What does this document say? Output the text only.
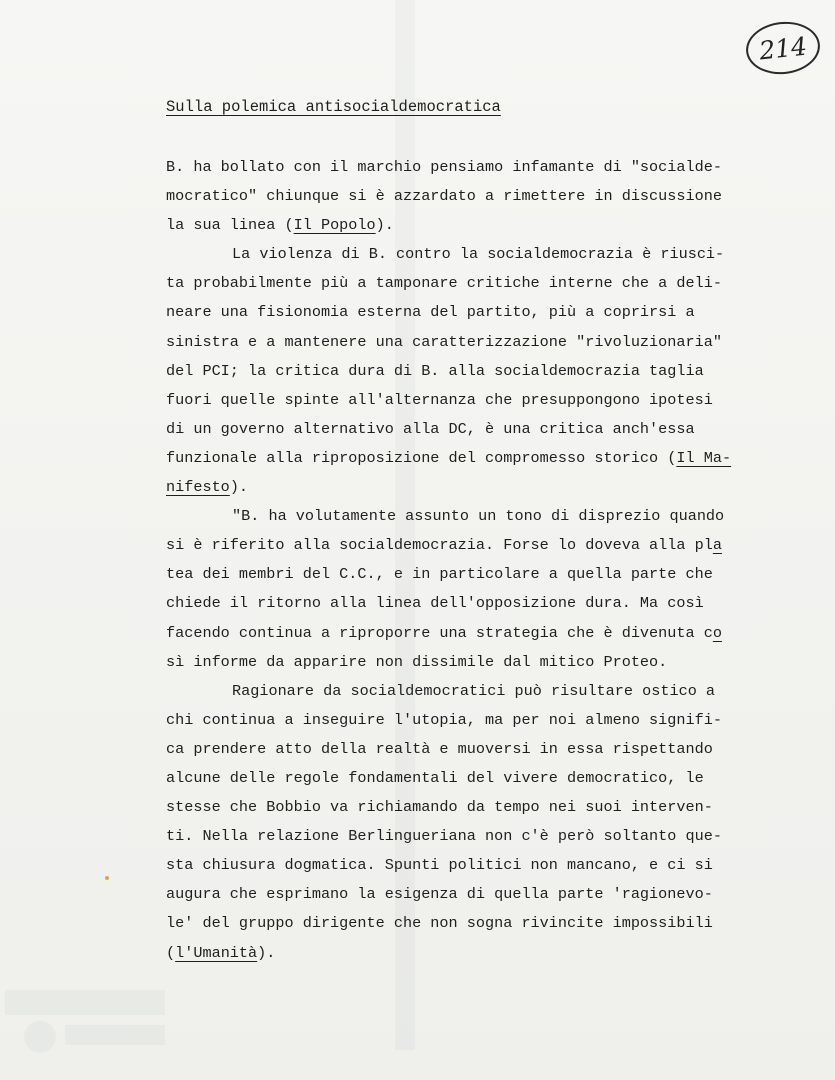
214
Sulla polemica antisocialdemocratica
B. ha bollato con il marchio pensiamo infamante di "socialde-
mocratico" chiunque si è azzardato a rimettere in discussione
la sua linea (Il Popolo).
La violenza di B. contro la socialdemocrazia è riusci-
ta probabilmente più a tamponare critiche interne che a deli-
neare una fisionomia esterna del partito, più a coprirsi a
sinistra e a mantenere una caratterizzazione "rivoluzionaria"
del PCI; la critica dura di B. alla socialdemocrazia taglia
fuori quelle spinte all'alternanza che presuppongono ipotesi
di un governo alternativo alla DC, è una critica anch'essa
funzionale alla riproposizione del compromesso storico (Il Ma-
nifesto).
"B. ha volutamente assunto un tono di disprezio quando
si è riferito alla socialdemocrazia. Forse lo doveva alla pla
tea dei membri del C.C., e in particolare a quella parte che
chiede il ritorno alla linea dell'opposizione dura. Ma così
facendo continua a riproporre una strategia che è divenuta co
sì informe da apparire non dissimile dal mitico Proteo.
Ragionare da socialdemocratici può risultare ostico a
chi continua a inseguire l'utopia, ma per noi almeno signifi-
ca prendere atto della realtà e muoversi in essa rispettando
alcune delle regole fondamentali del vivere democratico, le
stesse che Bobbio va richiamando da tempo nei suoi interven-
ti. Nella relazione Berlingueriana non c'è però soltanto que-
sta chiusura dogmatica. Spunti politici non mancano, e ci si
augura che esprimano la esigenza di quella parte 'ragionevo-
le' del gruppo dirigente che non sogna rivincite impossibili
(l'Umanità).
